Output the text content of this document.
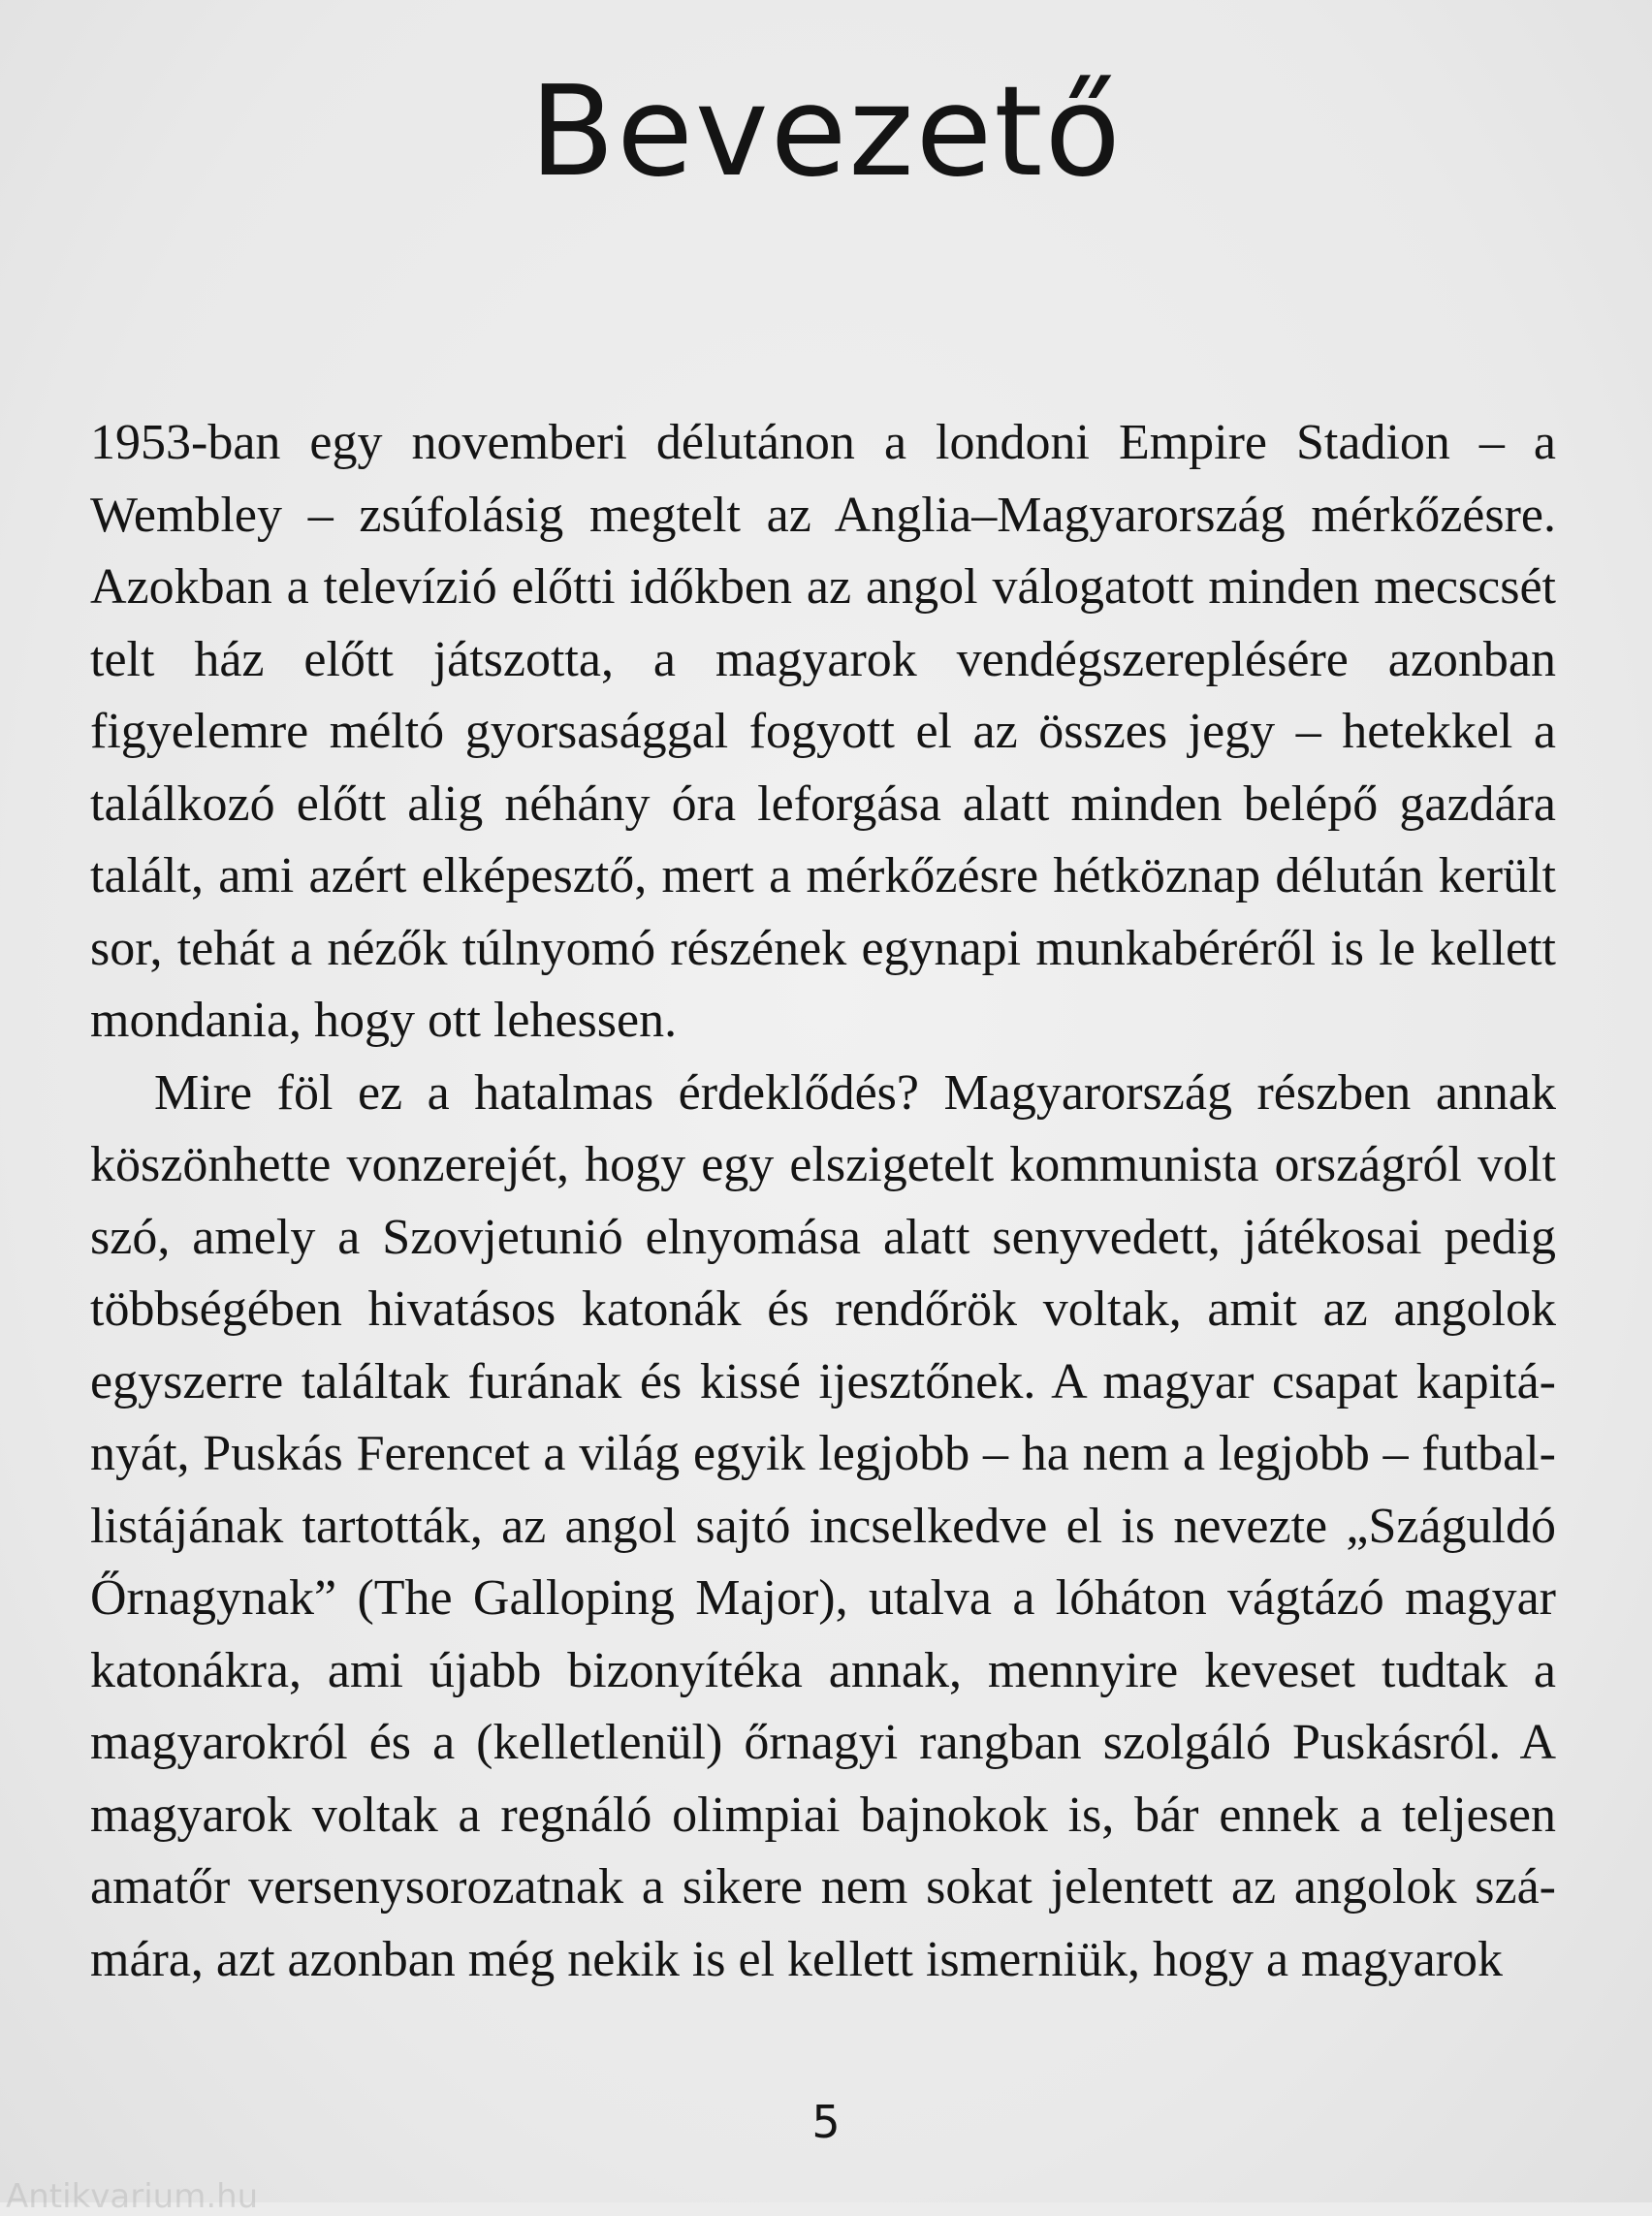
Bevezető

1953-ban egy novemberi délutánon a londoni Empire Stadion – a Wembley – zsúfolásig megtelt az Anglia–Magyarország mérkőzésre. Azokban a televízió előtti időkben az angol válogatott minden mecscsét telt ház előtt játszotta, a magyarok vendégszereplésére azonban figyelemre méltó gyorsasággal fogyott el az összes jegy – hetekkel a találkozó előtt alig néhány óra leforgása alatt minden belépő gazdára talált, ami azért elképesztő, mert a mérkőzésre hétköznap délután került sor, tehát a nézők túlnyomó részének egynapi munkabéréről is le kellett mondania, hogy ott lehessen.

Mire föl ez a hatalmas érdeklődés? Magyarország részben annak köszönhette vonzerejét, hogy egy elszigetelt kommunista országról volt szó, amely a Szovjetunió elnyomása alatt senyvedett, játékosai pedig többségében hivatásos katonák és rendőrök voltak, amit az angolok egyszerre találtak furának és kissé ijesztőnek. A magyar csapat kapitányát, Puskás Ferencet a világ egyik legjobb – ha nem a legjobb – futballistájának tartották, az angol sajtó incselkedve el is nevezte „Száguldó Őrnagynak” (The Galloping Major), utalva a lóháton vágtázó magyar katonákra, ami újabb bizonyítéka annak, mennyire keveset tudtak a magyarokról és a (kelletlenül) őrnagyi rangban szolgáló Puskásról. A magyarok voltak a regnáló olimpiai bajnokok is, bár ennek a teljesen amatőr versenysorozatnak a sikere nem sokat jelentett az angolok számára, azt azonban még nekik is el kellett ismerniük, hogy a magyarok

5
Antikvarium.hu
